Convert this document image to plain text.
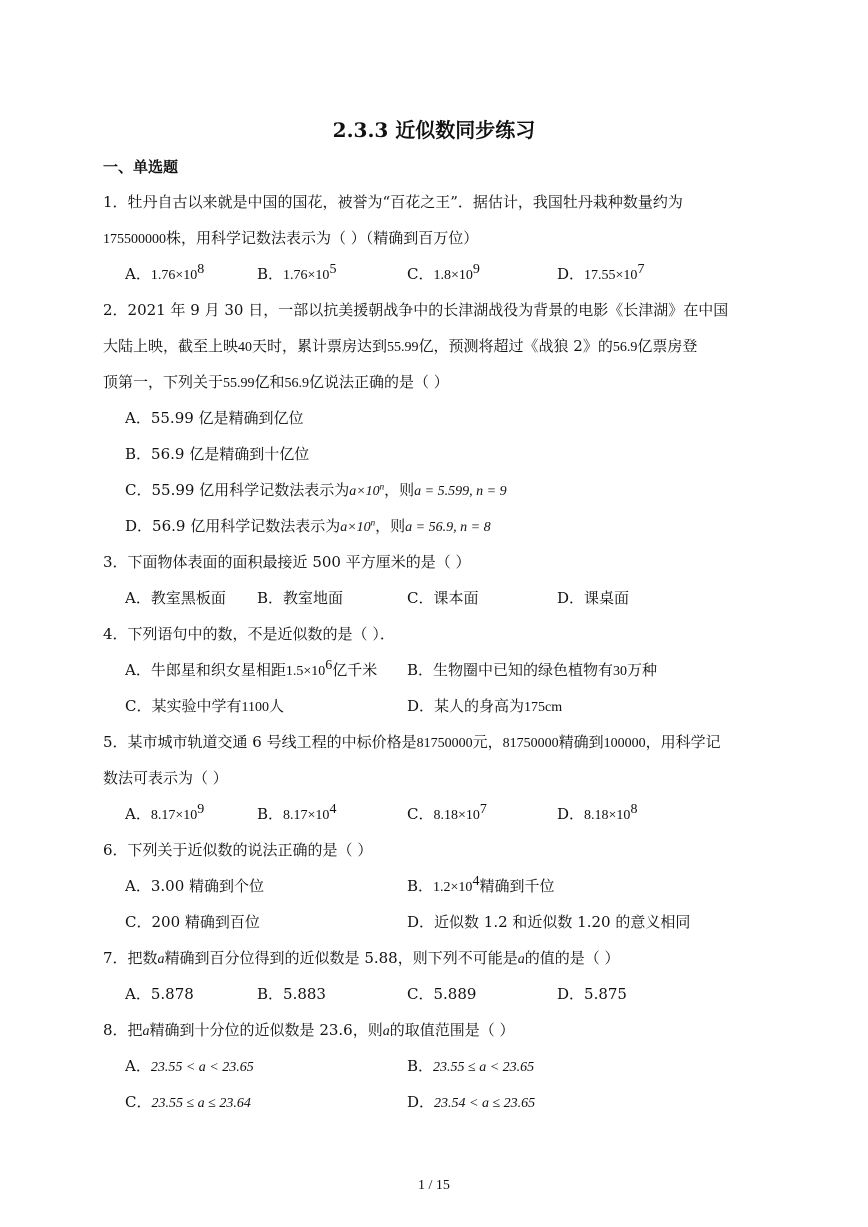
2.3.3 近似数同步练习
一、单选题
1．牡丹自古以来就是中国的国花，被誉为“百花之王”．据估计，我国牡丹栽种数量约为
175500000株，用科学记数法表示为（ ）（精确到百万位）
A．$1.76\times 10^8$	B．$1.76\times 10^5$	C．$1.8\times 10^9$	D．$17.55\times 10^7$
2．2021 年 9 月 30 日，一部以抗美援朝战争中的长津湖战役为背景的电影《长津湖》在中国
大陆上映，截至上映40天时，累计票房达到55.99亿，预测将超过《战狼 2》的56.9亿票房登
顶第一，下列关于55.99亿和56.9亿说法正确的是（ ）
A．55.99 亿是精确到亿位
B．56.9 亿是精确到十亿位
C．55.99 亿用科学记数法表示为$a\times 10^n$，则a = 5.599, n = 9
D．56.9 亿用科学记数法表示为$a\times 10^n$，则a = 56.9, n = 8
3．下面物体表面的面积最接近 500 平方厘米的是（ ）
A．教室黑板面 B．教室地面	C．课本面	D．课桌面
4．下列语句中的数，不是近似数的是（ ）．
A．牛郎星和织女星相距$1.5\times 10^6$亿千米 B．生物圈中已知的绿色植物有30万种
C．某实验中学有1100人	D．某人的身高为175cm
5．某市城市轨道交通 6 号线工程的中标价格是81750000元，81750000精确到100000，用科学记
数法可表示为（ ）
A．$8.17\times 10^9$	B．$8.17\times 10^4$	C．$8.18\times 10^7$	D．$8.18\times 10^8$
6．下列关于近似数的说法正确的是（ ）
A．3.00 精确到个位	B．$1.2\times 10^4$精确到千位
C．200 精确到百位	D．近似数 1.2 和近似数 1.20 的意义相同
7．把数a精确到百分位得到的近似数是 5.88，则下列不可能是a的值的是（ ）
A．5.878	B．5.883	C．5.889	D．5.875
8．把a精确到十分位的近似数是 23.6，则a的取值范围是（ ）
A．23.55 < a < 23.65	B．23.55 ≤ a < 23.65
C．23.55 ≤ a ≤ 23.64	D．23.54 < a ≤ 23.65
1 / 15
